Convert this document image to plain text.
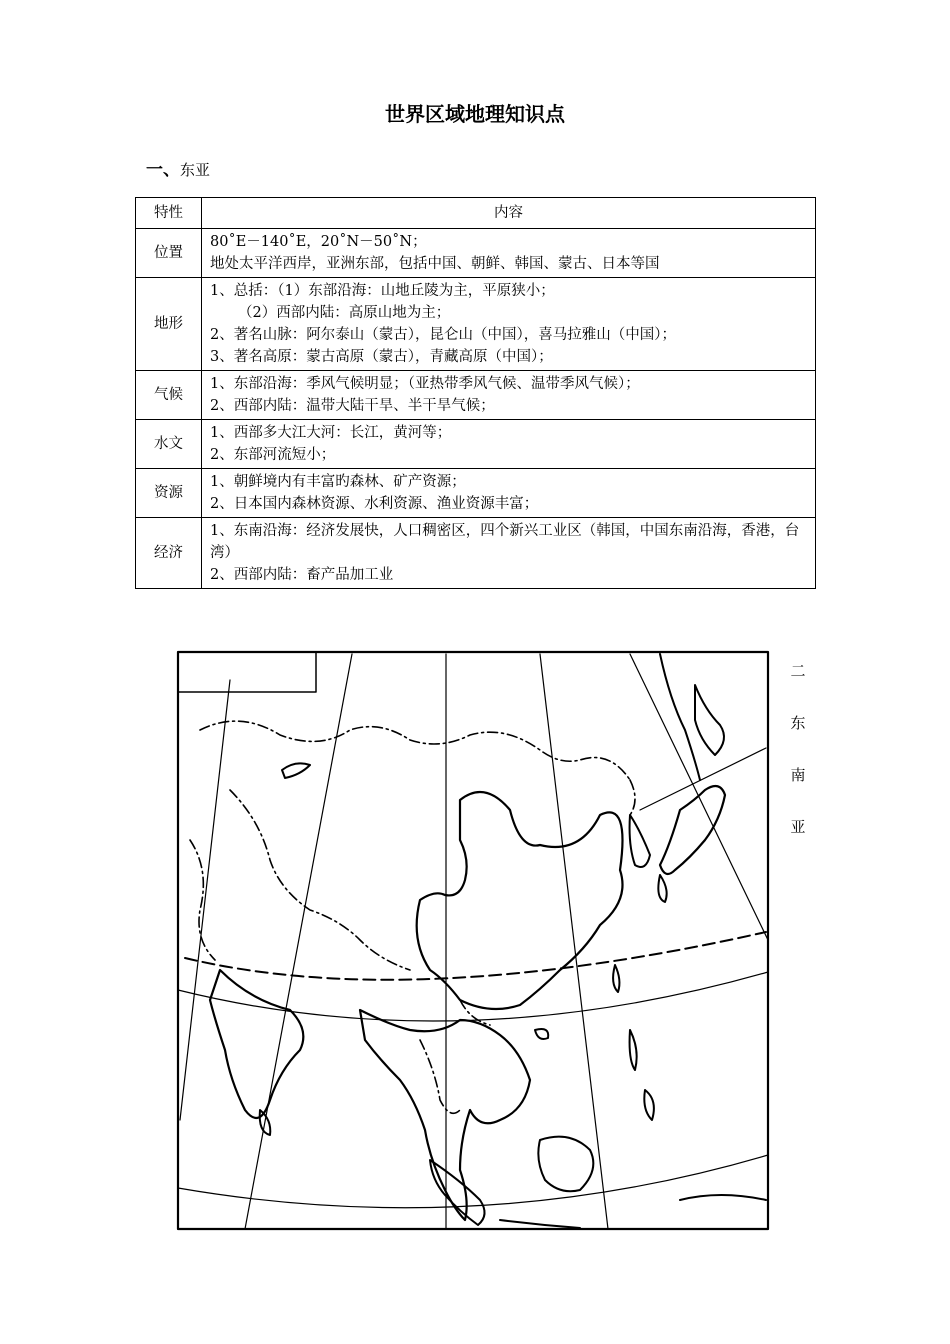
世界区域地理知识点
一、东亚
特性	内容
位置	80˚E－140˚E，20˚N－50˚N；
地处太平洋西岸，亚洲东部，包括中国、朝鲜、韩国、蒙古、日本等国

地形	1、总括：（1）东部沿海：山地丘陵为主，平原狭小；
（2）西部内陆：高原山地为主；
2、著名山脉：阿尔泰山（蒙古），昆仑山（中国），喜马拉雅山（中国）；
3、著名高原：蒙古高原（蒙古），青藏高原（中国）；

气候	1、东部沿海：季风气候明显；（亚热带季风气候、温带季风气候）；
2、西部内陆：温带大陆干旱、半干旱气候；

水文	1、西部多大江大河：长江，黄河等；
2、东部河流短小；

资源	1、朝鲜境内有丰富旳森林、矿产资源；
2、日本国内森林资源、水利资源、渔业资源丰富；

经济	1、东南沿海：经济发展快，人口稠密区，四个新兴工业区（韩国，中国东南沿海，香港，台湾）
2、西部内陆：畜产品加工业
二
东
南
亚
